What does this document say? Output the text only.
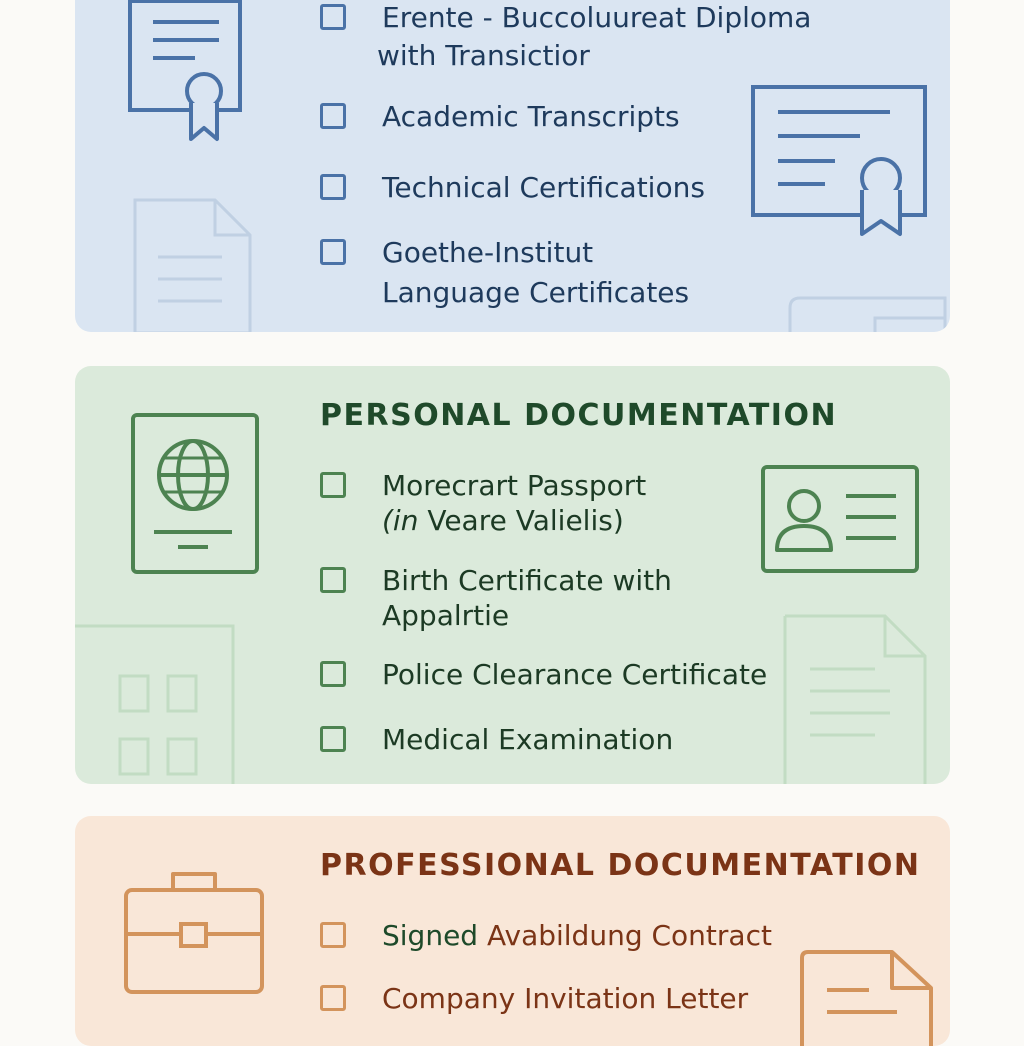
Erente - Buccoluureat Diploma
with Transictior
Academic Transcripts
Technical Certifications
Goethe-Institut
Language Certificates
PERSONAL DOCUMENTATION
Morecrart Passport
(in Veare Valielis)
Birth Certificate with
Appalrtie
Police Clearance Certificate
Medical Examination
PROFESSIONAL DOCUMENTATION
Signed Avabildung Contract
Company Invitation Letter
